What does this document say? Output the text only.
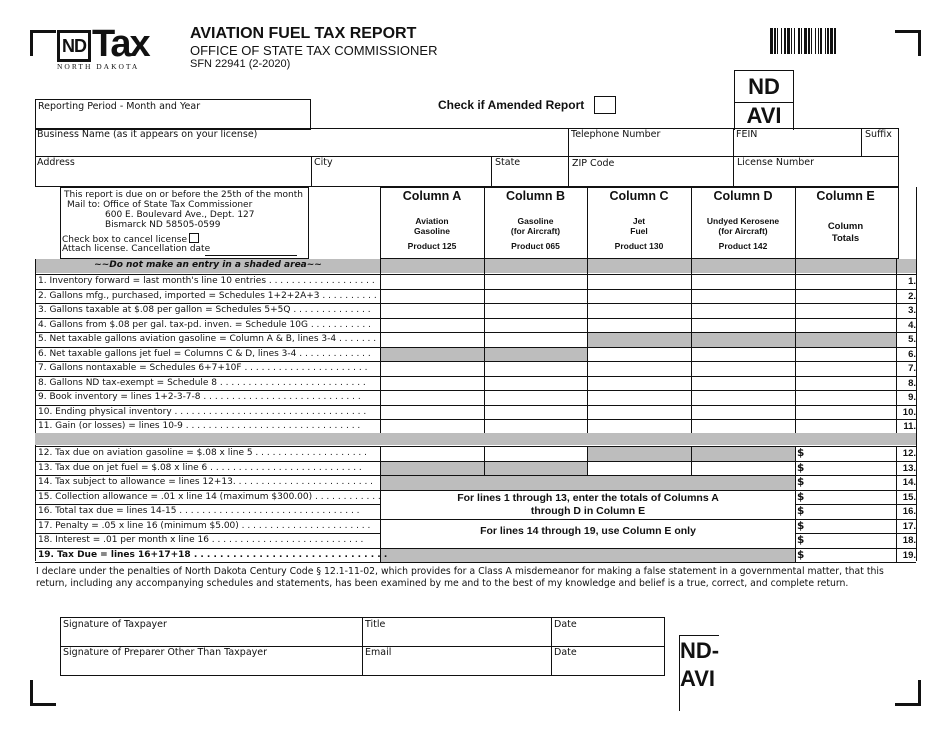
ND Tax
NORTH DAKOTA
AVIATION FUEL TAX REPORT
OFFICE OF STATE TAX COMMISSIONER
SFN 22941 (2-2020)
ND
AVI
Reporting Period - Month and Year	Check if Amended Report
Business Name (as it appears on your license)	Telephone Number	FEIN	Suffix
Address	City	State	ZIP Code	License Number
This report is due on or before the 25th of the month
Mail to: Office of State Tax Commissioner
600 E. Boulevard Ave., Dept. 127
Bismarck ND 58505-0599
Check box to cancel license
Attach license. Cancellation date
Column A
Aviation
Gasoline
Product 125
Column B
Gasoline
(for Aircraft)
Product 065
Column C
Jet
Fuel
Product 130
Column D
Undyed Kerosene
(for Aircraft)
Product 142
Column E
Column
Totals
~~Do not make an entry in a shaded area~~
1. Inventory forward = last month's line 10 entries . . . . . . . . . . . . . . . . . . .	1.
2. Gallons mfg., purchased, imported = Schedules 1+2+2A+3 . . . . . . . . . .	2.
3. Gallons taxable at $.08 per gallon = Schedules 5+5Q . . . . . . . . . . . . . .	3.
4. Gallons from $.08 per gal. tax-pd. inven. = Schedule 10G . . . . . . . . . . .	4.
5. Net taxable gallons aviation gasoline = Column A & B, lines 3-4 . . . . . . .	5.
6. Net taxable gallons jet fuel = Columns C & D, lines 3-4 . . . . . . . . . . . . .	6.
7. Gallons nontaxable = Schedules 6+7+10F . . . . . . . . . . . . . . . . . . . . . .	7.
8. Gallons ND tax-exempt = Schedule 8 . . . . . . . . . . . . . . . . . . . . . . . . . .	8.
9. Book inventory = lines 1+2-3-7-8 . . . . . . . . . . . . . . . . . . . . . . . . . . . .	9.
10. Ending physical inventory . . . . . . . . . . . . . . . . . . . . . . . . . . . . . . . . . .	10.
11. Gain (or losses) = lines 10-9 . . . . . . . . . . . . . . . . . . . . . . . . . . . . . . .	11.
12. Tax due on aviation gasoline = $.08 x line 5 . . . . . . . . . . . . . . . . . . . .	12.
$
13. Tax due on jet fuel = $.08 x line 6 . . . . . . . . . . . . . . . . . . . . . . . . . . .	13.
$
14. Tax subject to allowance = lines 12+13. . . . . . . . . . . . . . . . . . . . . . . . .	14.
$
15. Collection allowance = .01 x line 14 (maximum $300.00) . . . . . . . . . . . .	15.
$
16. Total tax due = lines 14-15 . . . . . . . . . . . . . . . . . . . . . . . . . . . . . . . .	16.
$
17. Penalty = .05 x line 16 (minimum $5.00) . . . . . . . . . . . . . . . . . . . . . . .	17.
$
18. Interest = .01 per month x line 16 . . . . . . . . . . . . . . . . . . . . . . . . . . .	18.
$
19. Tax Due = lines 16+17+18 . . . . . . . . . . . . . . . . . . . . . . . . . . . . . .	19.
$
For lines 1 through 13, enter the totals of Columns A
through D in Column E
For lines 14 through 19, use Column E only
I declare under the penalties of North Dakota Century Code § 12.1-11-02, which provides for a Class A misdemeanor for making a false statement in a governmental matter, that this return, including any accompanying schedules and statements, has been examined by me and to the best of my knowledge and belief is a true, correct, and complete return.
Signature of Taxpayer	Title	Date
Signature of Preparer Other Than Taxpayer	Email	Date	ND-
AVI
